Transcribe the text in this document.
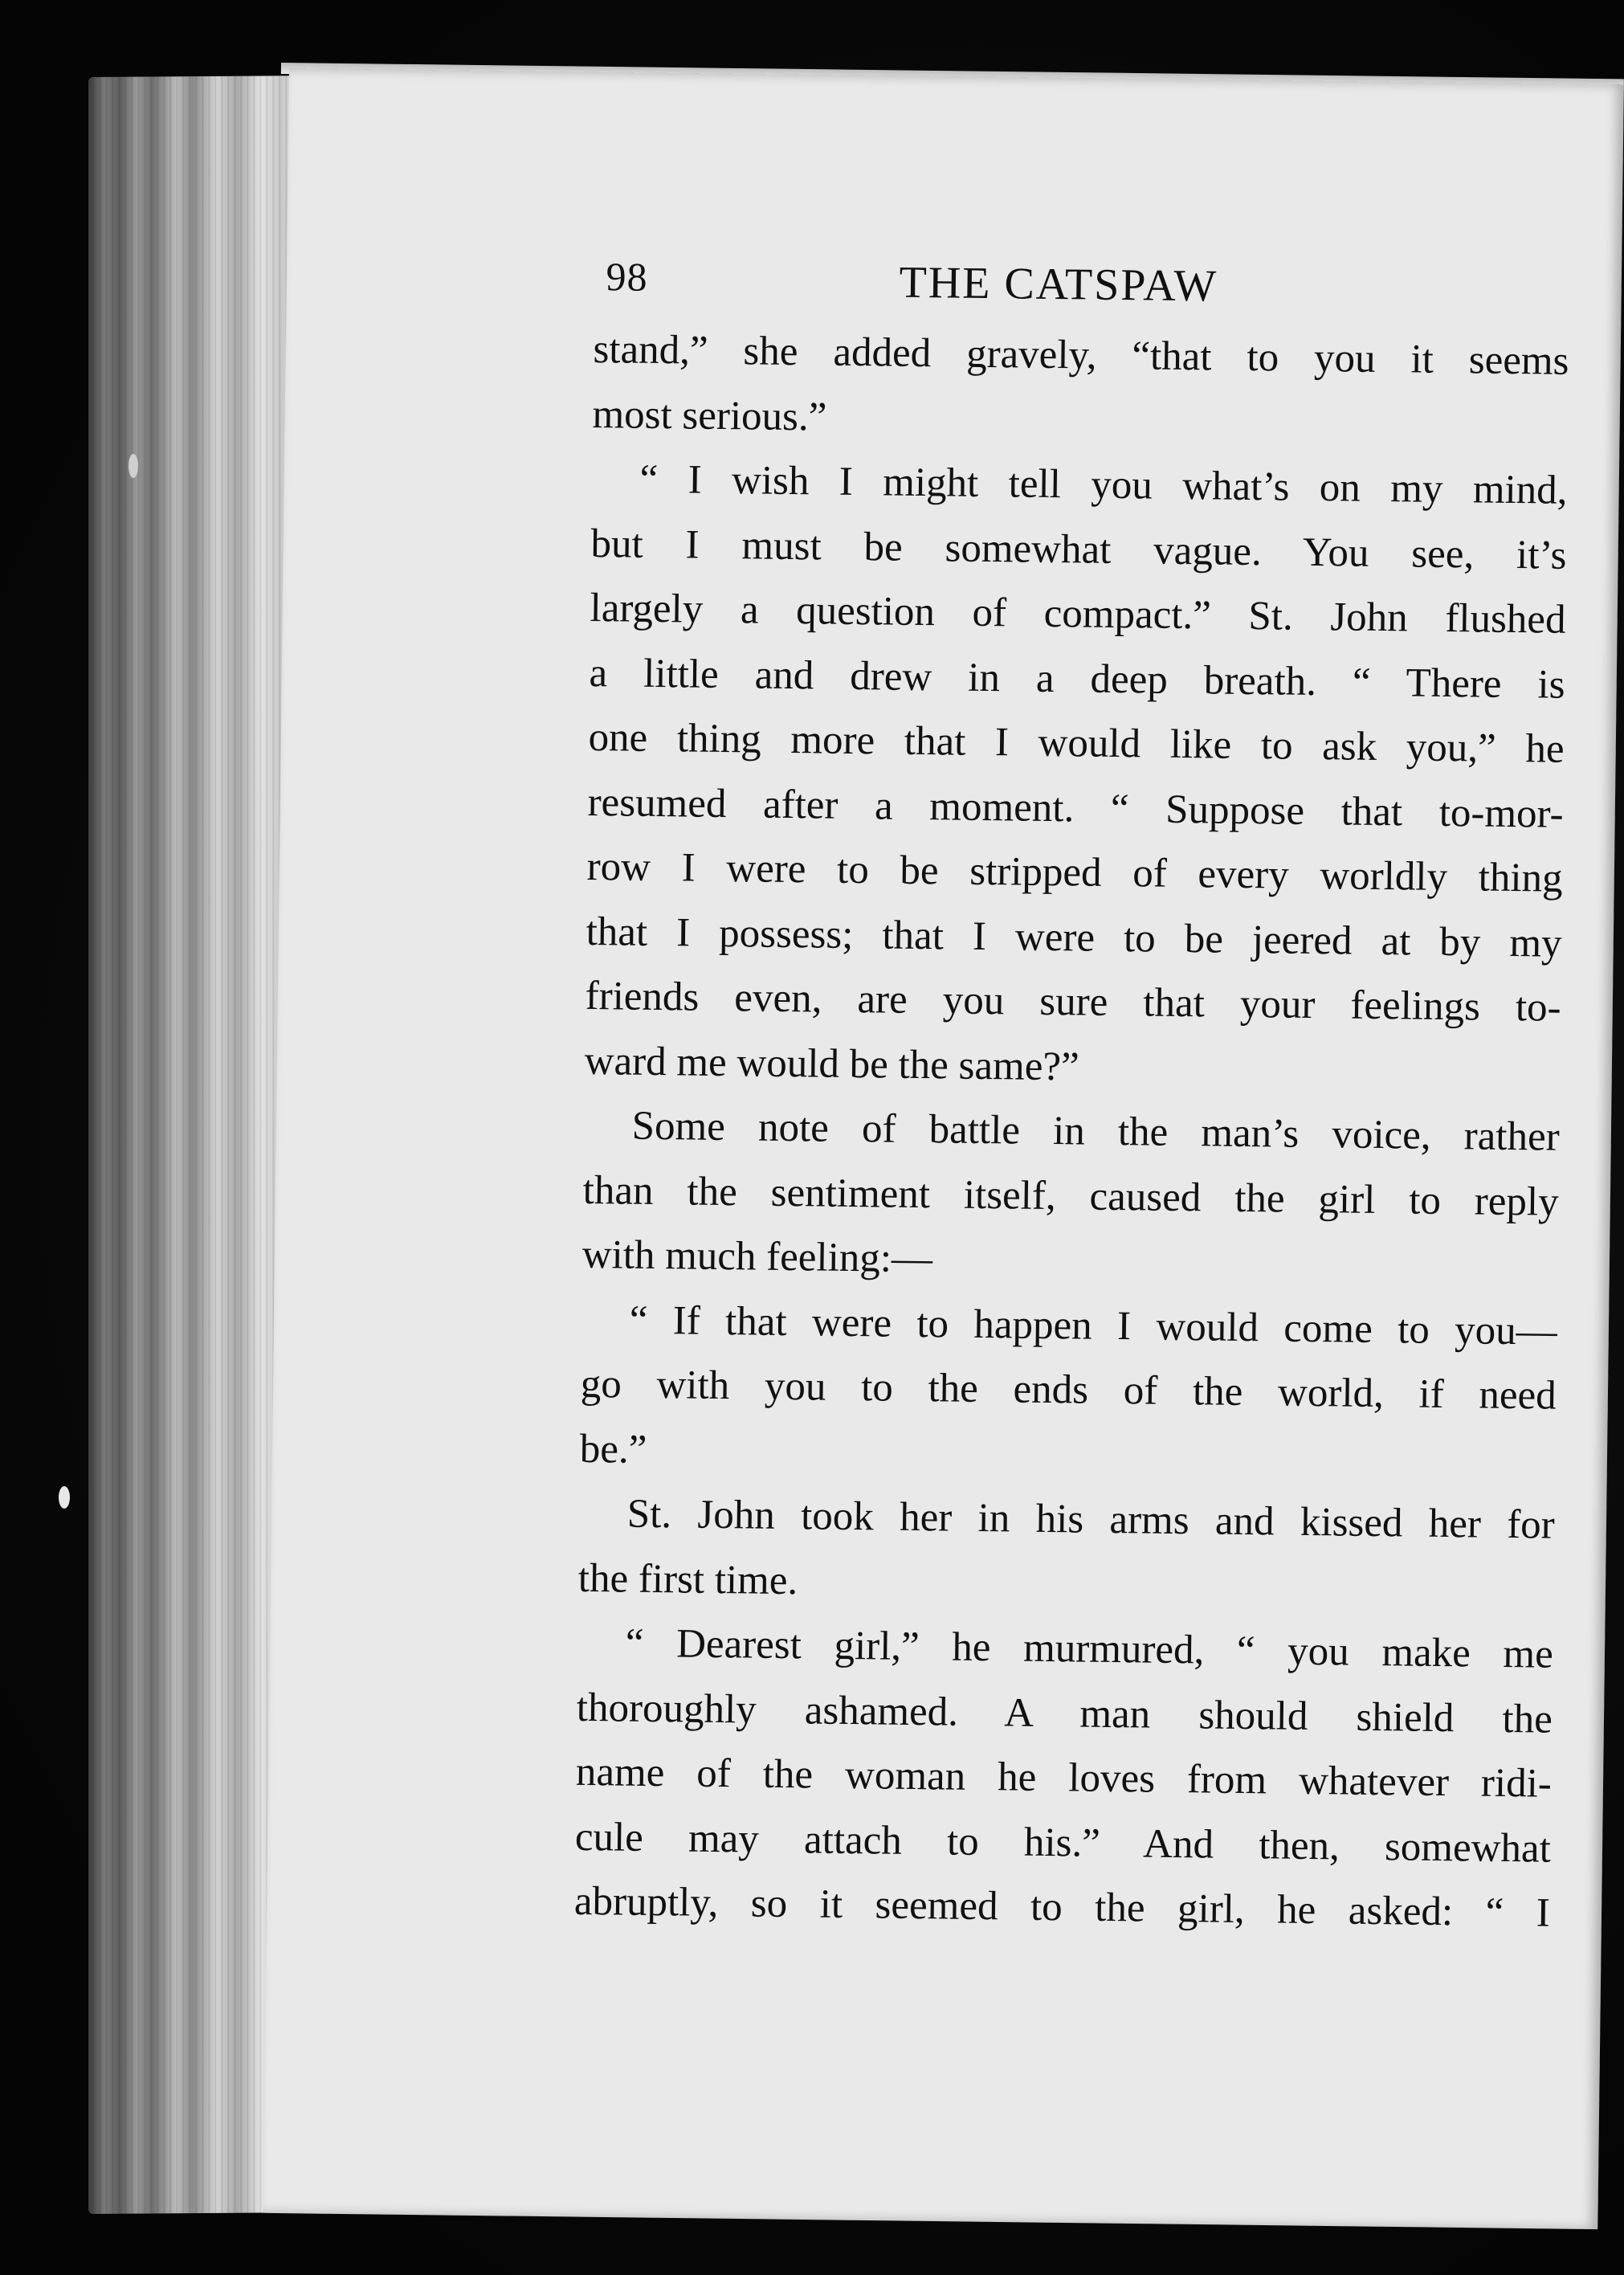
98	THE CATSPAW
stand,” she added gravely, “that to you it seems
most serious.”
“ I wish I might tell you what’s on my mind,
but I must be somewhat vague. You see, it’s
largely a question of compact.” St. John flushed
a little and drew in a deep breath. “ There is
one thing more that I would like to ask you,” he
resumed after a moment. “ Suppose that to-mor-
row I were to be stripped of every worldly thing
that I possess; that I were to be jeered at by my
friends even, are you sure that your feelings to-
ward me would be the same?”
Some note of battle in the man’s voice, rather
than the sentiment itself, caused the girl to reply
with much feeling:—
“ If that were to happen I would come to you—
go with you to the ends of the world, if need
be.”
St. John took her in his arms and kissed her for
the first time.
“ Dearest girl,” he murmured, “ you make me
thoroughly ashamed. A man should shield the
name of the woman he loves from whatever ridi-
cule may attach to his.” And then, somewhat
abruptly, so it seemed to the girl, he asked: “ I
